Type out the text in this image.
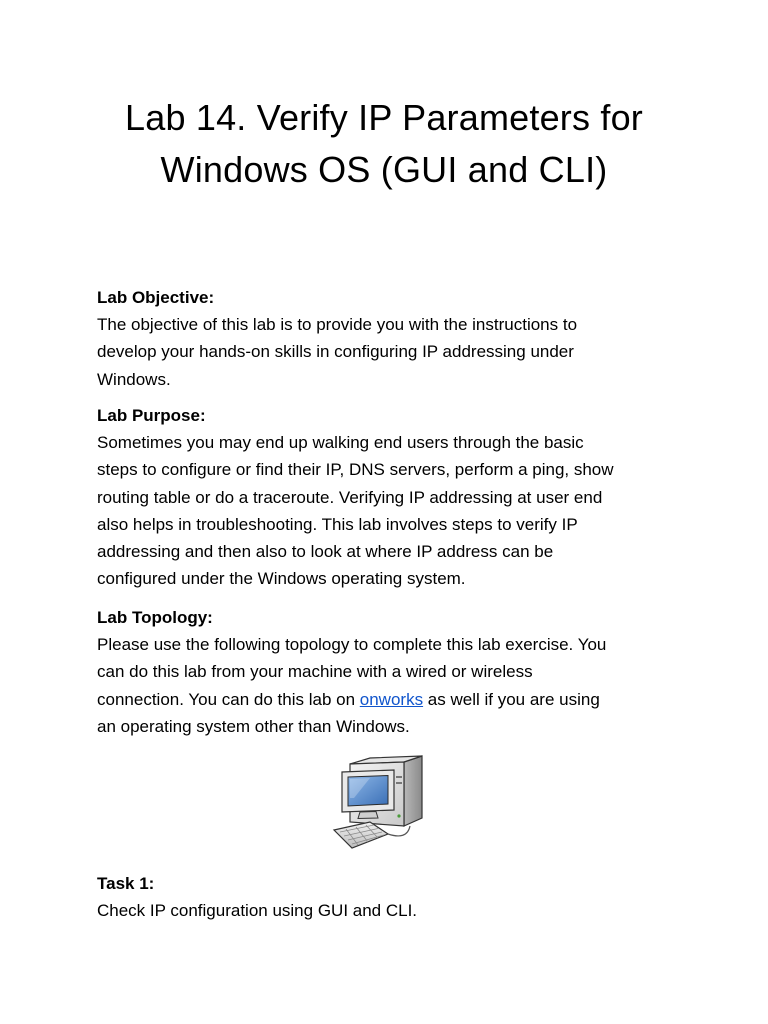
Lab 14. Verify IP Parameters for
Windows OS (GUI and CLI)
Lab Objective:
The objective of this lab is to provide you with the instructions to
develop your hands-on skills in configuring IP addressing under
Windows.
Lab Purpose:
Sometimes you may end up walking end users through the basic
steps to configure or find their IP, DNS servers, perform a ping, show
routing table or do a traceroute. Verifying IP addressing at user end
also helps in troubleshooting. This lab involves steps to verify IP
addressing and then also to look at where IP address can be
configured under the Windows operating system.
Lab Topology:
Please use the following topology to complete this lab exercise. You
can do this lab from your machine with a wired or wireless
connection. You can do this lab on onworks as well if you are using
an operating system other than Windows.
Task 1:
Check IP configuration using GUI and CLI.
